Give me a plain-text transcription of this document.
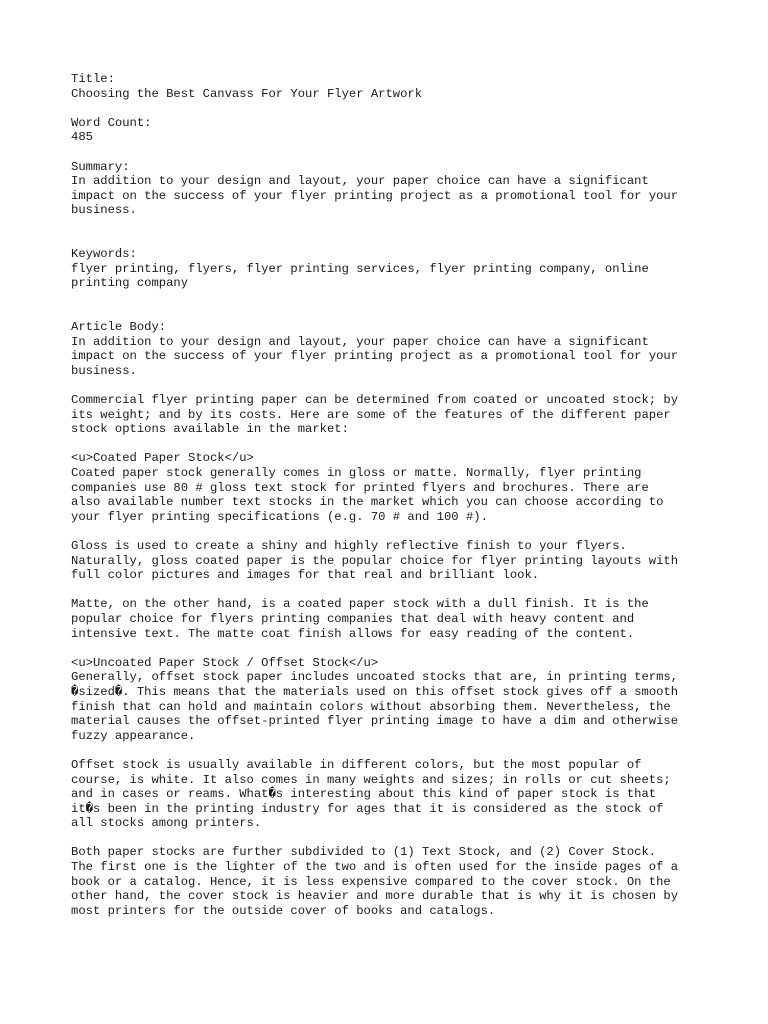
Title:
Choosing the Best Canvass For Your Flyer Artwork
Word Count:
485
Summary:
In addition to your design and layout, your paper choice can have a significant
impact on the success of your flyer printing project as a promotional tool for your
business.
Keywords:
flyer printing, flyers, flyer printing services, flyer printing company, online
printing company
Article Body:
In addition to your design and layout, your paper choice can have a significant
impact on the success of your flyer printing project as a promotional tool for your
business.
Commercial flyer printing paper can be determined from coated or uncoated stock; by
its weight; and by its costs. Here are some of the features of the different paper
stock options available in the market:
<u>Coated Paper Stock</u>
Coated paper stock generally comes in gloss or matte. Normally, flyer printing
companies use 80 # gloss text stock for printed flyers and brochures. There are
also available number text stocks in the market which you can choose according to
your flyer printing specifications (e.g. 70 # and 100 #).
Gloss is used to create a shiny and highly reflective finish to your flyers.
Naturally, gloss coated paper is the popular choice for flyer printing layouts with
full color pictures and images for that real and brilliant look.
Matte, on the other hand, is a coated paper stock with a dull finish. It is the
popular choice for flyers printing companies that deal with heavy content and
intensive text. The matte coat finish allows for easy reading of the content.
<u>Uncoated Paper Stock / Offset Stock</u>
Generally, offset stock paper includes uncoated stocks that are, in printing terms,
�sized�. This means that the materials used on this offset stock gives off a smooth
finish that can hold and maintain colors without absorbing them. Nevertheless, the
material causes the offset-printed flyer printing image to have a dim and otherwise
fuzzy appearance.
Offset stock is usually available in different colors, but the most popular of
course, is white. It also comes in many weights and sizes; in rolls or cut sheets;
and in cases or reams. What�s interesting about this kind of paper stock is that
it�s been in the printing industry for ages that it is considered as the stock of
all stocks among printers.
Both paper stocks are further subdivided to (1) Text Stock, and (2) Cover Stock.
The first one is the lighter of the two and is often used for the inside pages of a
book or a catalog. Hence, it is less expensive compared to the cover stock. On the
other hand, the cover stock is heavier and more durable that is why it is chosen by
most printers for the outside cover of books and catalogs.
